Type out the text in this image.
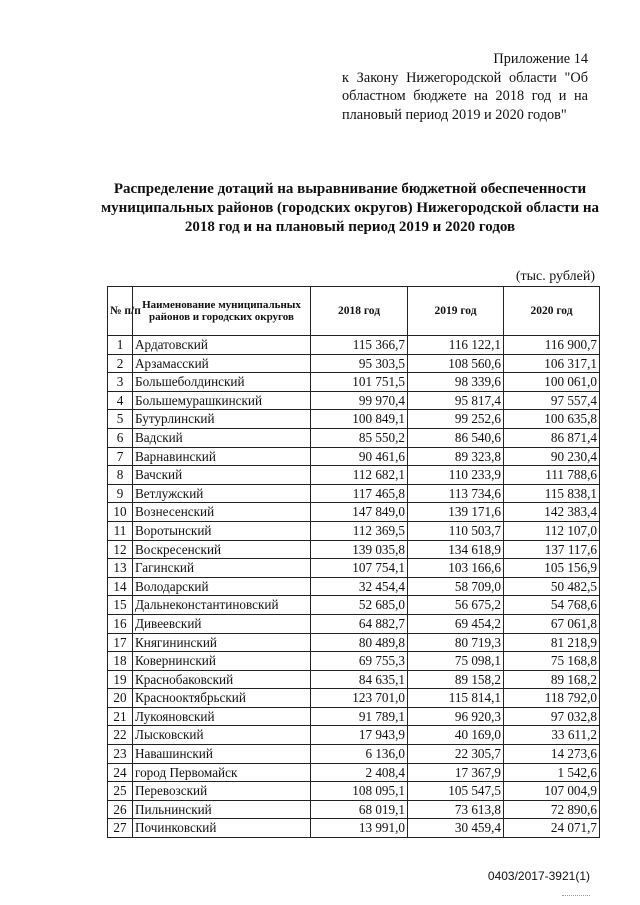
Приложение 14
к Закону Нижегородской области "Об областном бюджете на 2018 год и на плановый период 2019 и 2020 годов"
Распределение дотаций на выравнивание бюджетной обеспеченности муниципальных районов (городских округов) Нижегородской области на 2018 год и на плановый период 2019 и 2020 годов
(тыс. рублей)
№ п/п	Наименование муниципальных районов и городских округов	2018 год	2019 год	2020 год
1	Ардатовский	115 366,7	116 122,1	116 900,7
2	Арзамасский	95 303,5	108 560,6	106 317,1
3	Большеболдинский	101 751,5	98 339,6	100 061,0
4	Большемурашкинский	99 970,4	95 817,4	97 557,4
5	Бутурлинский	100 849,1	99 252,6	100 635,8
6	Вадский	85 550,2	86 540,6	86 871,4
7	Варнавинский	90 461,6	89 323,8	90 230,4
8	Вачский	112 682,1	110 233,9	111 788,6
9	Ветлужский	117 465,8	113 734,6	115 838,1
10	Вознесенский	147 849,0	139 171,6	142 383,4
11	Воротынский	112 369,5	110 503,7	112 107,0
12	Воскресенский	139 035,8	134 618,9	137 117,6
13	Гагинский	107 754,1	103 166,6	105 156,9
14	Володарский	32 454,4	58 709,0	50 482,5
15	Дальнеконстантиновский	52 685,0	56 675,2	54 768,6
16	Дивеевский	64 882,7	69 454,2	67 061,8
17	Княгининский	80 489,8	80 719,3	81 218,9
18	Ковернинский	69 755,3	75 098,1	75 168,8
19	Краснобаковский	84 635,1	89 158,2	89 168,2
20	Краснооктябрьский	123 701,0	115 814,1	118 792,0
21	Лукояновский	91 789,1	96 920,3	97 032,8
22	Лысковский	17 943,9	40 169,0	33 611,2
23	Навашинский	6 136,0	22 305,7	14 273,6
24	город Первомайск	2 408,4	17 367,9	1 542,6
25	Перевозский	108 095,1	105 547,5	107 004,9
26	Пильнинский	68 019,1	73 613,8	72 890,6
27	Починковский	13 991,0	30 459,4	24 071,7
0403/2017-3921(1)
